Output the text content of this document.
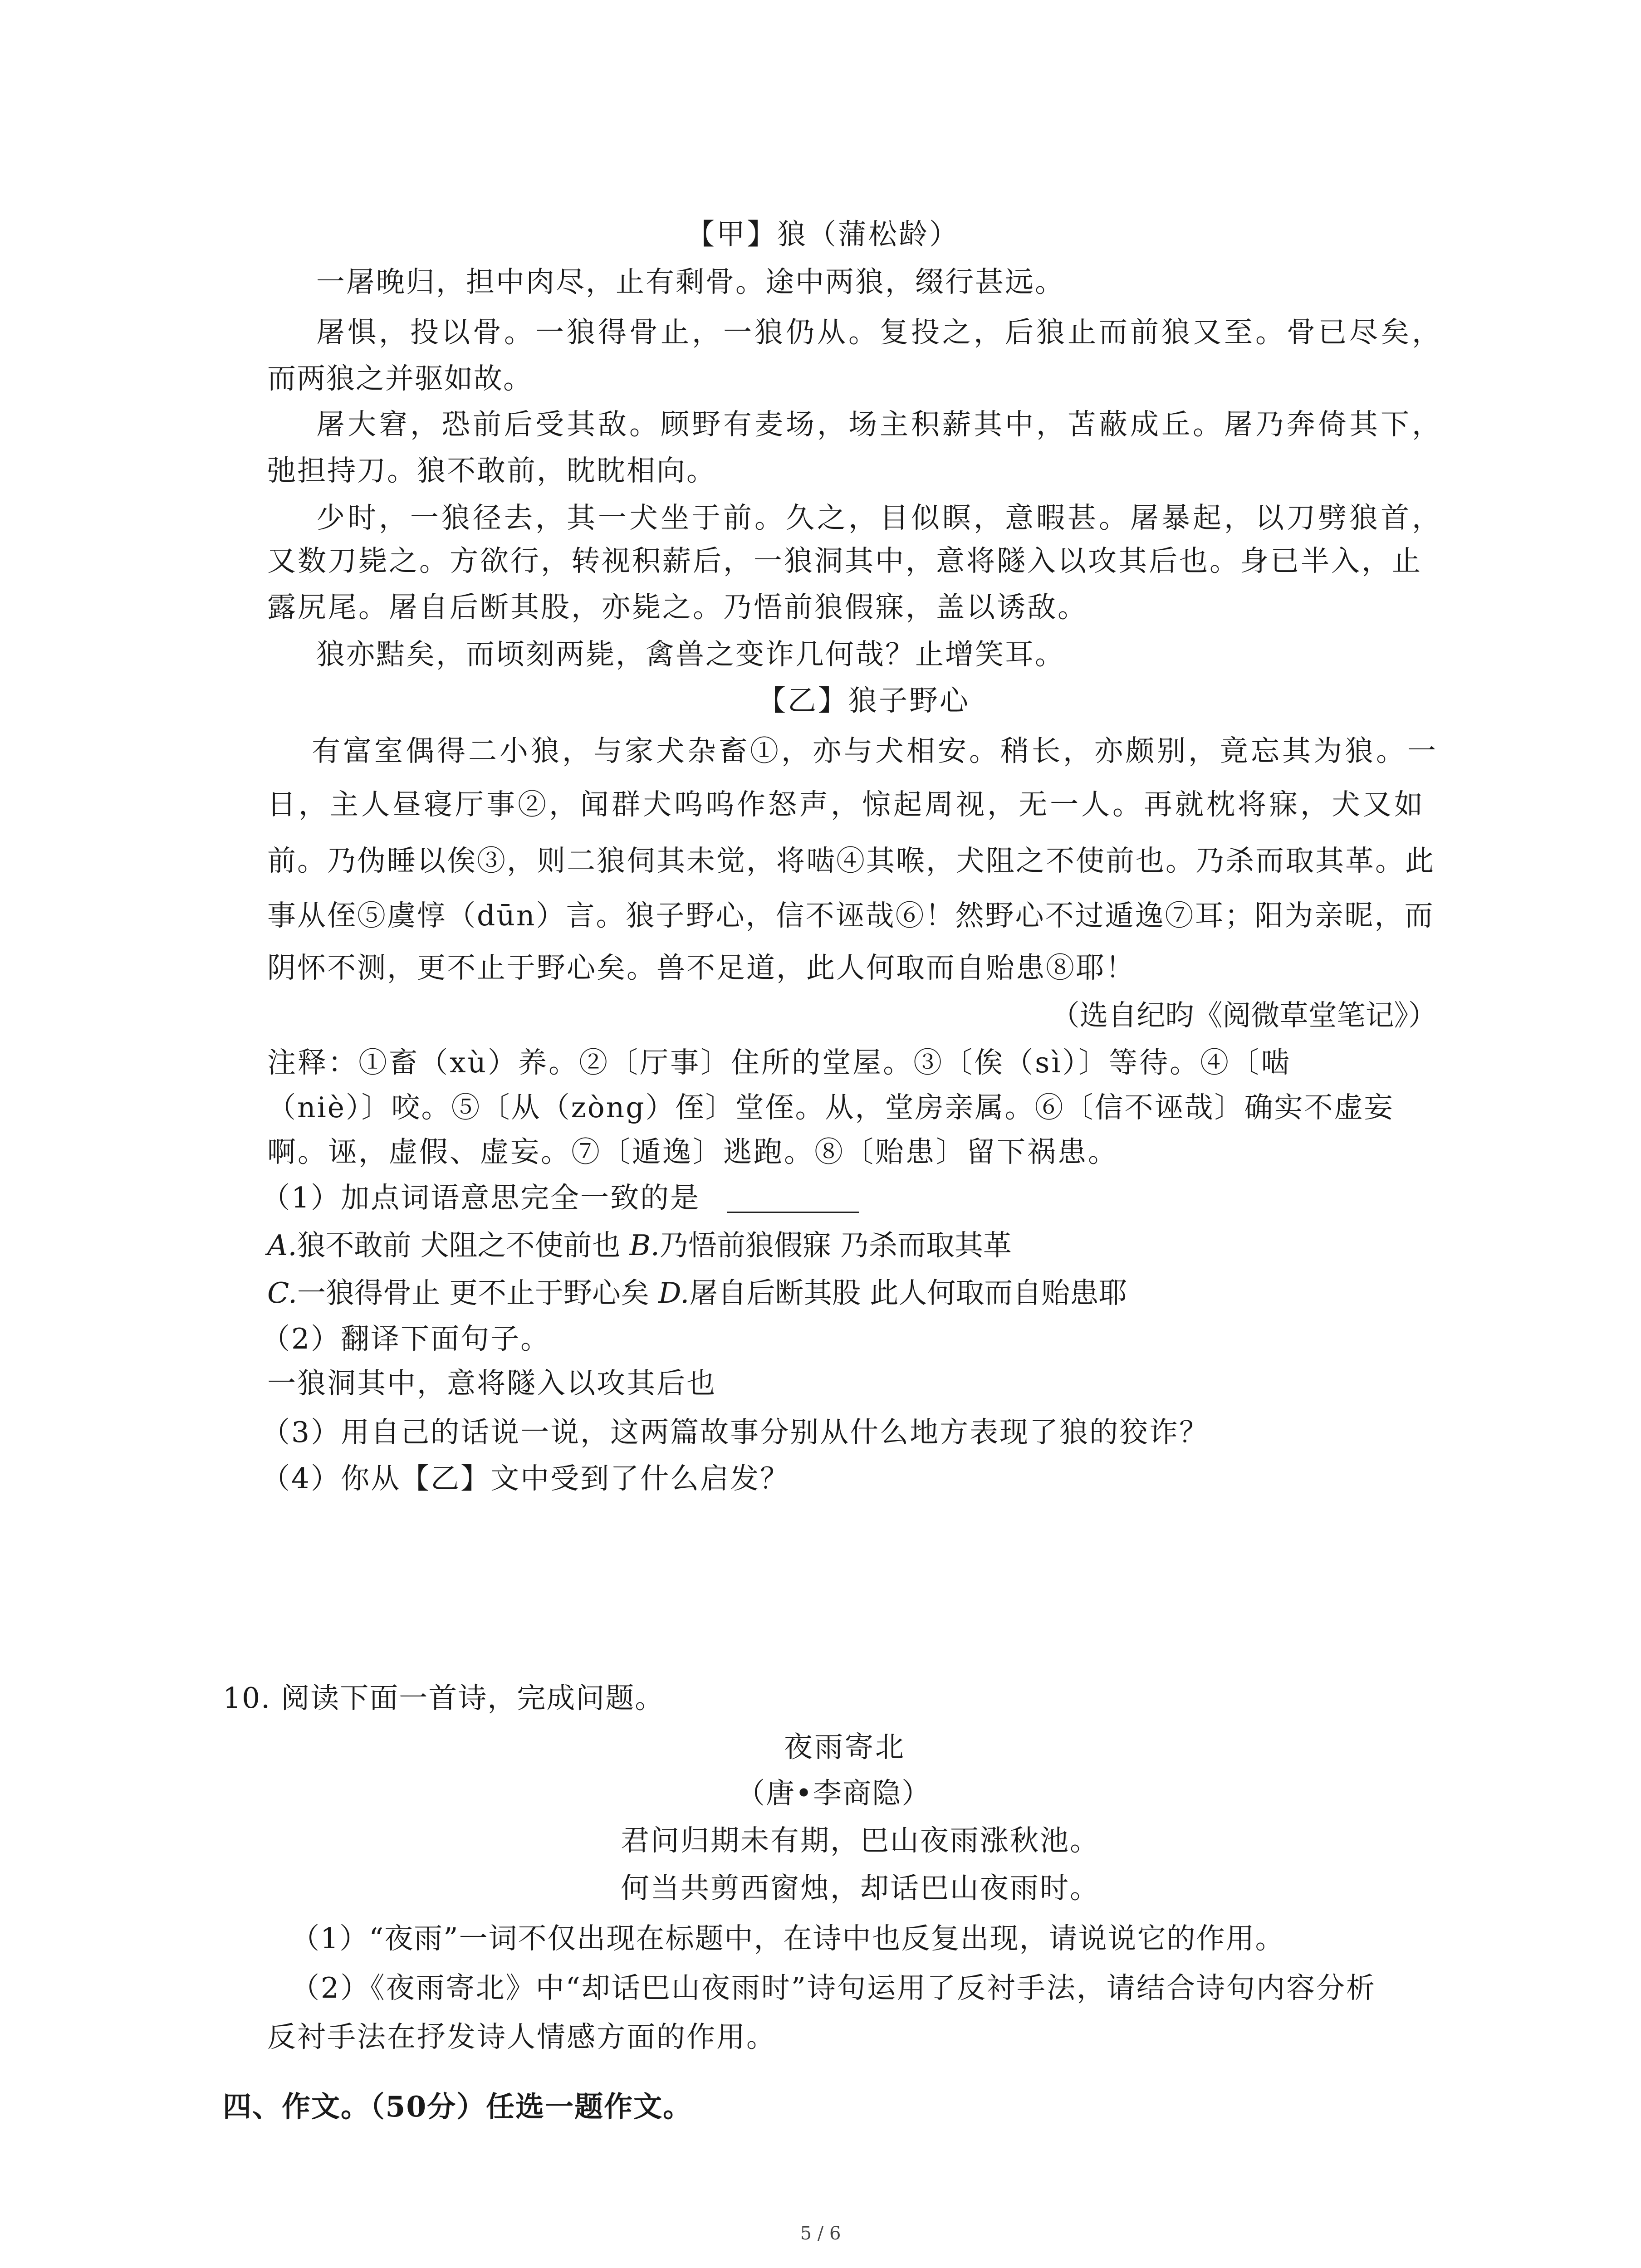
【甲】狼（蒲松龄）
一屠晚归，担中肉尽，止有剩骨。途中两狼，缀行甚远。
屠惧，投以骨。一狼得骨止，一狼仍从。复投之，后狼止而前狼又至。骨已尽矣，
而两狼之并驱如故。
屠大窘，恐前后受其敌。顾野有麦场，场主积薪其中，苫蔽成丘。屠乃奔倚其下，
弛担持刀。狼不敢前，眈眈相向。
少时，一狼径去，其一犬坐于前。久之，目似瞑，意暇甚。屠暴起，以刀劈狼首，
又数刀毙之。方欲行，转视积薪后，一狼洞其中，意将隧入以攻其后也。身已半入，止
露尻尾。屠自后断其股，亦毙之。乃悟前狼假寐，盖以诱敌。
狼亦黠矣，而顷刻两毙，禽兽之变诈几何哉？止增笑耳。
【乙】狼子野心
有富室偶得二小狼，与家犬杂畜①，亦与犬相安。稍长，亦颇别，竟忘其为狼。一
日，主人昼寝厅事②，闻群犬呜呜作怒声，惊起周视，无一人。再就枕将寐，犬又如
前。乃伪睡以俟③，则二狼伺其未觉，将啮④其喉，犬阻之不使前也。乃杀而取其革。此
事从侄⑤虞惇（dūn）言。狼子野心，信不诬哉⑥！然野心不过遁逸⑦耳；阳为亲昵，而
阴怀不测，更不止于野心矣。兽不足道，此人何取而自贻患⑧耶！
（选自纪昀《阅微草堂笔记》）
注释：①畜（xù）养。②〔厅事〕住所的堂屋。③〔俟（sì）〕等待。④〔啮
（niè）〕咬。⑤〔从（zòng）侄〕堂侄。从，堂房亲属。⑥〔信不诬哉〕确实不虚妄
啊。诬，虚假、虚妄。⑦〔遁逸〕逃跑。⑧〔贻患〕留下祸患。
（1）加点词语意思完全一致的是
A.狼不敢前 犬阻之不使前也 B.乃悟前狼假寐 乃杀而取其革
C.一狼得骨止 更不止于野心矣 D.屠自后断其股 此人何取而自贻患耶
（2）翻译下面句子。
一狼洞其中，意将隧入以攻其后也
（3）用自己的话说一说，这两篇故事分别从什么地方表现了狼的狡诈？
（4）你从【乙】文中受到了什么启发？
10. 阅读下面一首诗，完成问题。
夜雨寄北
（唐•李商隐）
君问归期未有期，巴山夜雨涨秋池。
何当共剪西窗烛，却话巴山夜雨时。
（1）“夜雨”一词不仅出现在标题中，在诗中也反复出现，请说说它的作用。
（2）《夜雨寄北》中“却话巴山夜雨时”诗句运用了反衬手法，请结合诗句内容分析
反衬手法在抒发诗人情感方面的作用。
四、作文。（50分）任选一题作文。
5 / 6
